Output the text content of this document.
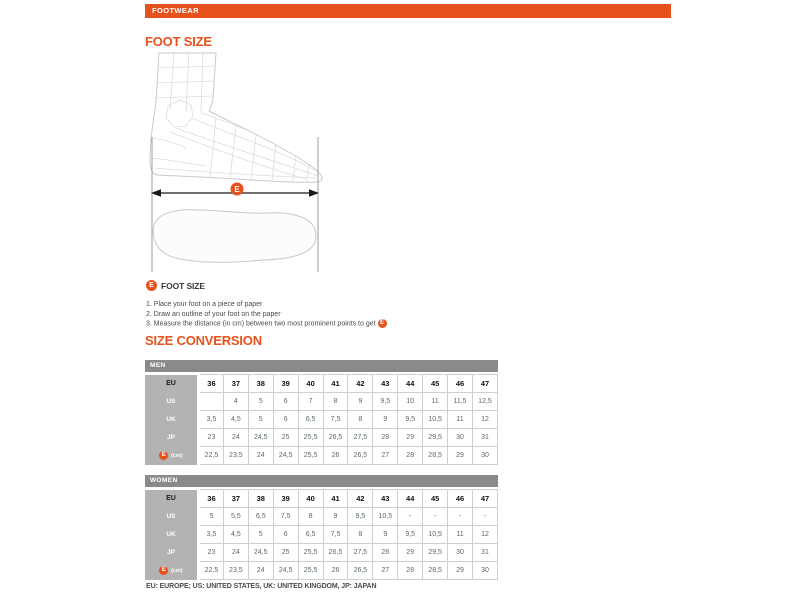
FOOTWEAR
FOOT SIZE
E
E FOOT SIZE
1. Place your foot on a piece of paper
2. Draw an outline of your foot on the paper
3. Measure the distance (in cm) between two most prominent points to get E
SIZE CONVERSION
MEN
EU	36	37	38	39	40	41	42	43	44	45	46	47
US		4	5	6	7	8	9	9,5	10	11	11,5	12,5
UK	3,5	4,5	5	6	6,5	7,5	8	9	9,5	10,5	11	12
JP	23	24	24,5	25	25,5	26,5	27,5	28	29	29,5	30	31
E (cm)	22,5	23,5	24	24,5	25,5	26	26,5	27	28	28,5	29	30
WOMEN
EU	36	37	38	39	40	41	42	43	44	45	46	47
US	5	5,5	6,5	7,5	8	9	9,5	10,5	-	-	-	-
UK	3,5	4,5	5	6	6,5	7,5	8	9	9,5	10,5	11	12
JP	23	24	24,5	25	25,5	26,5	27,5	28	29	29,5	30	31
E (cm)	22,5	23,5	24	24,5	25,5	26	26,5	27	28	28,5	29	30
EU: EUROPE; US: UNITED STATES, UK: UNITED KINGDOM, JP: JAPAN
